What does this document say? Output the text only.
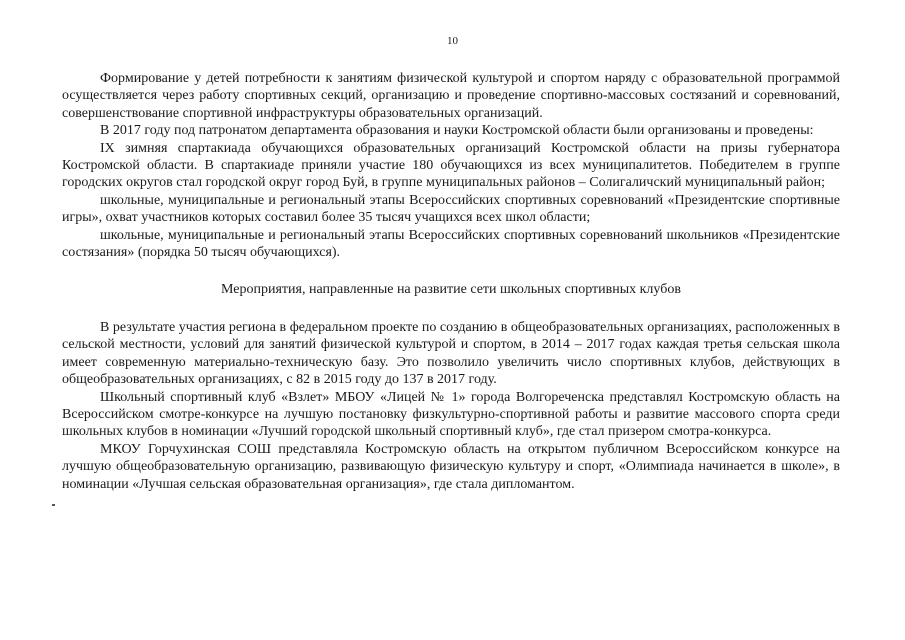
10

Формирование у детей потребности к занятиям физической культурой и спортом наряду с образовательной программой осуществляется через работу спортивных секций, организацию и проведение спортивно-массовых состязаний и соревнований, совершенствование спортивной инфраструктуры образовательных организаций.

В 2017 году под патронатом департамента образования и науки Костромской области были организованы и проведены:

IX зимняя спартакиада обучающихся образовательных организаций Костромской области на призы губернатора Костромской области. В спартакиаде приняли участие 180 обучающихся из всех муниципалитетов. Победителем в группе городских округов стал городской округ город Буй, в группе муниципальных районов – Солигаличский муниципальный район;

школьные, муниципальные и региональный этапы Всероссийских спортивных соревнований «Президентские спортивные игры», охват участников которых составил более 35 тысяч учащихся всех школ области;

школьные, муниципальные и региональный этапы Всероссийских спортивных соревнований школьников «Президентские состязания» (порядка 50 тысяч обучающихся).

Мероприятия, направленные на развитие сети школьных спортивных клубов

В результате участия региона в федеральном проекте по созданию в общеобразовательных организациях, расположенных в сельской местности, условий для занятий физической культурой и спортом, в 2014 – 2017 годах каждая третья сельская школа имеет современную материально-техническую базу. Это позволило увеличить число спортивных клубов, действующих в общеобразовательных организациях, с 82 в 2015 году до 137 в 2017 году.

Школьный спортивный клуб «Взлет» МБОУ «Лицей № 1» города Волгореченска представлял Костромскую область на Всероссийском смотре-конкурсе на лучшую постановку физкультурно-спортивной работы и развитие массового спорта среди школьных клубов в номинации «Лучший городской школьный спортивный клуб», где стал призером смотра-конкурса.

МКОУ Горчухинская СОШ представляла Костромскую область на открытом публичном Всероссийском конкурсе на лучшую общеобразовательную организацию, развивающую физическую культуру и спорт, «Олимпиада начинается в школе», в номинации «Лучшая сельская образовательная организация», где стала дипломантом.
